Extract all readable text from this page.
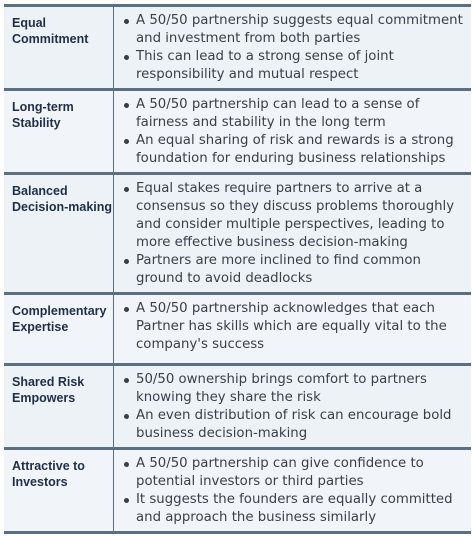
Equal Commitment
A 50/50 partnership suggests equal commitment and investment from both parties
This can lead to a strong sense of joint responsibility and mutual respect
Long-term Stability
A 50/50 partnership can lead to a sense of fairness and stability in the long term
An equal sharing of risk and rewards is a strong foundation for enduring business relationships
Balanced Decision-making
Equal stakes require partners to arrive at a consensus so they discuss problems thoroughly and consider multiple perspectives, leading to more effective business decision-making
Partners are more inclined to find common ground to avoid deadlocks
Complementary Expertise
A 50/50 partnership acknowledges that each Partner has skills which are equally vital to the company's success
Shared Risk Empowers
50/50 ownership brings comfort to partners knowing they share the risk
An even distribution of risk can encourage bold business decision-making
Attractive to Investors
A 50/50 partnership can give confidence to potential investors or third parties
It suggests the founders are equally committed and approach the business similarly
